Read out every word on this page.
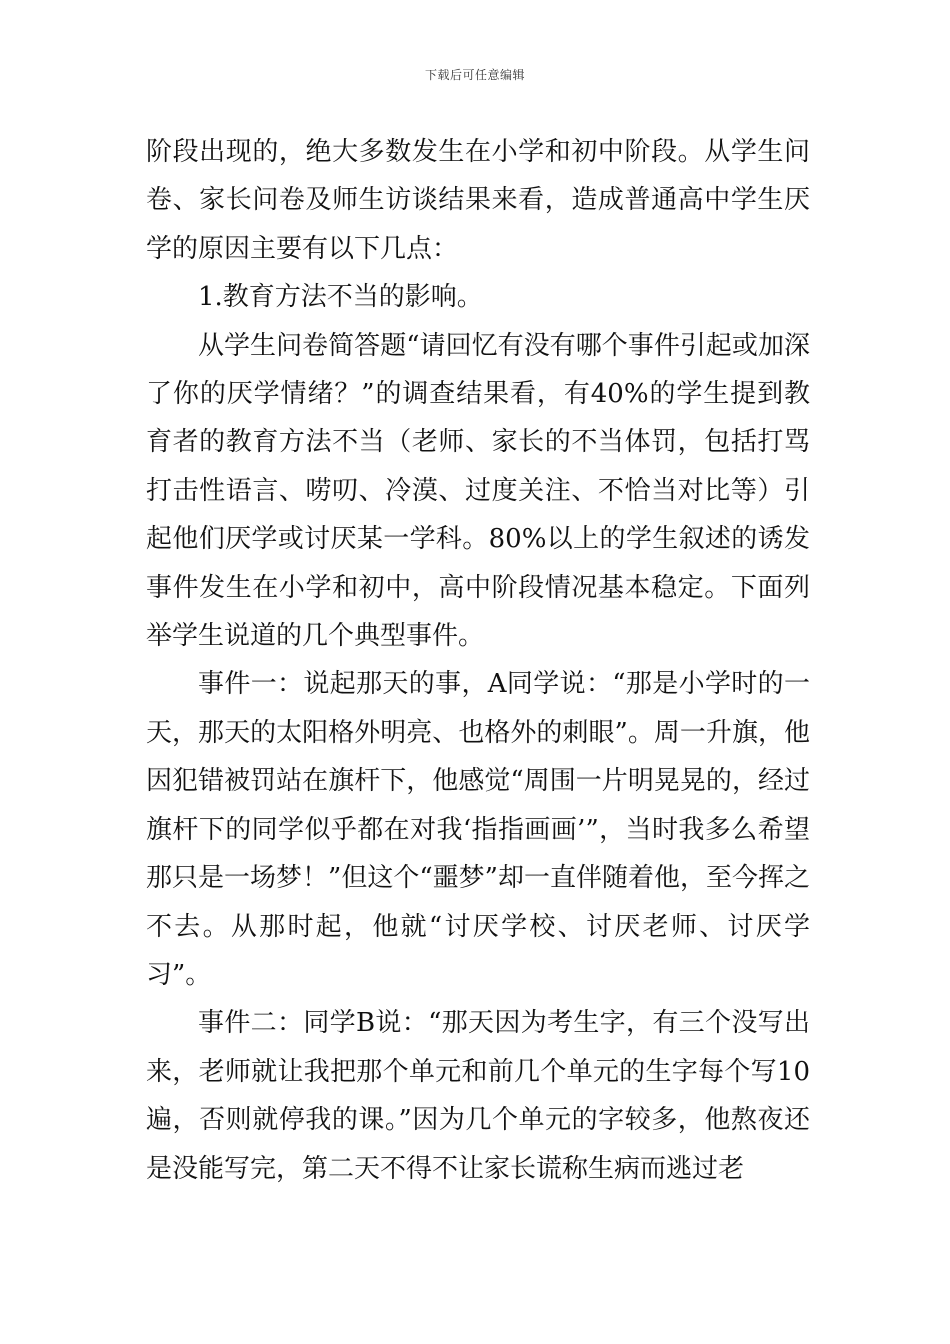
下载后可任意编辑

阶段出现的，绝大多数发生在小学和初中阶段。从学生问卷、家长问卷及师生访谈结果来看，造成普通高中学生厌学的原因主要有以下几点：

1.教育方法不当的影响。

从学生问卷简答题“请回忆有没有哪个事件引起或加深了你的厌学情绪？”的调查结果看，有40%的学生提到教育者的教育方法不当（老师、家长的不当体罚，包括打骂打击性语言、唠叨、冷漠、过度关注、不恰当对比等）引起他们厌学或讨厌某一学科。80%以上的学生叙述的诱发事件发生在小学和初中，高中阶段情况基本稳定。下面列举学生说道的几个典型事件。

事件一：说起那天的事，A同学说：“那是小学时的一天，那天的太阳格外明亮、也格外的刺眼”。周一升旗，他因犯错被罚站在旗杆下，他感觉“周围一片明晃晃的，经过旗杆下的同学似乎都在对我‘指指画画’”，当时我多么希望那只是一场梦！”但这个“噩梦”却一直伴随着他，至今挥之不去。从那时起，他就“讨厌学校、讨厌老师、讨厌学习”。

事件二：同学B说：“那天因为考生字，有三个没写出来，老师就让我把那个单元和前几个单元的生字每个写10遍，否则就停我的课。”因为几个单元的字较多，他熬夜还是没能写完，第二天不得不让家长谎称生病而逃过老
